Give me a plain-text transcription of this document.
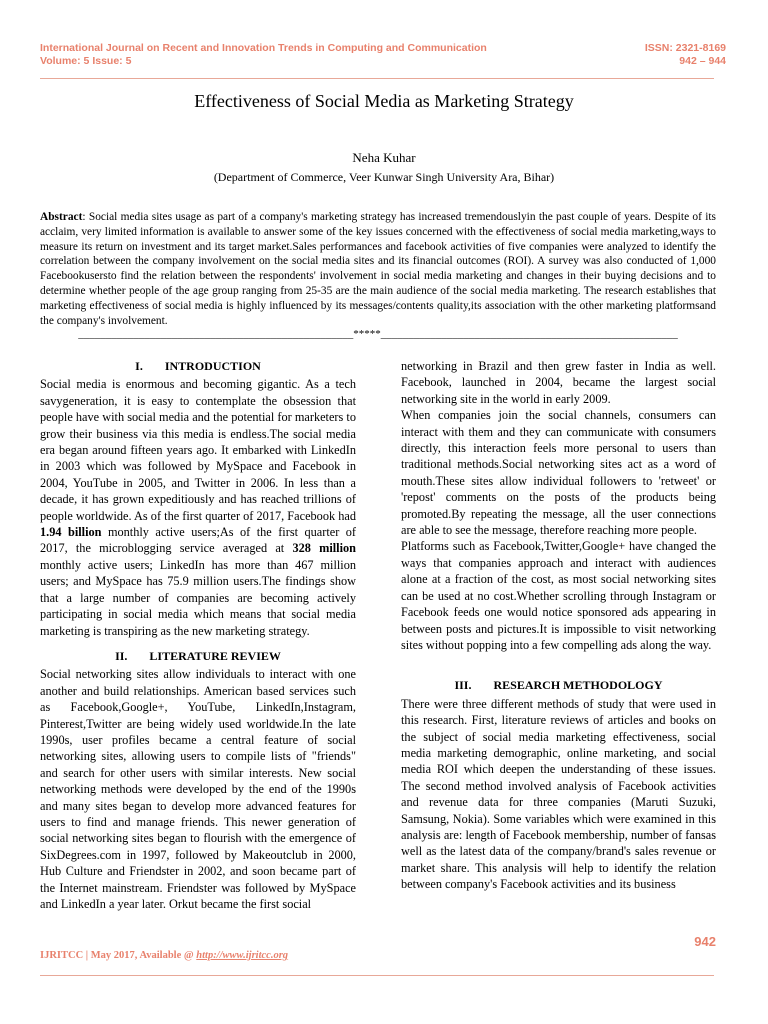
International Journal on Recent and Innovation Trends in Computing and Communication
Volume: 5 Issue: 5
ISSN: 2321-8169
942 – 944
Effectiveness of Social Media as Marketing Strategy
Neha Kuhar
(Department of Commerce, Veer Kunwar Singh University Ara, Bihar)
Abstract: Social media sites usage as part of a company's marketing strategy has increased tremendouslyin the past couple of years. Despite of its acclaim, very limited information is available to answer some of the key issues concerned with the effectiveness of social media marketing,ways to measure its return on investment and its target market.Sales performances and facebook activities of five companies were analyzed to identify the correlation between the company involvement on the social media sites and its financial outcomes (ROI). A survey was also conducted of 1,000 Facebookusersto find the relation between the respondents' involvement in social media marketing and changes in their buying decisions and to determine whether people of the age group ranging from 25-35 are the main audience of the social media marketing. The research establishes that marketing effectiveness of social media is highly influenced by its messages/contents quality,its association with the other marketing platformsand the company's involvement.
__________________________________________________*****______________________________________________________
I. INTRODUCTION

Social media is enormous and becoming gigantic. As a tech savygeneration, it is easy to contemplate the obsession that people have with social media and the potential for marketers to grow their business via this media is endless.The social media era began around fifteen years ago. It embarked with LinkedIn in 2003 which was followed by MySpace and Facebook in 2004, YouTube in 2005, and Twitter in 2006. In less than a decade, it has grown expeditiously and has reached trillions of people worldwide. As of the first quarter of 2017, Facebook had 1.94 billion monthly active users;As of the first quarter of 2017, the microblogging service averaged at 328 million monthly active users; LinkedIn has more than 467 million users; and MySpace has 75.9 million users.The findings show that a large number of companies are becoming actively participating in social media which means that social media marketing is transpiring as the new marketing strategy.

II. LITERATURE REVIEW

Social networking sites allow individuals to interact with one another and build relationships. American based services such as Facebook,Google+, YouTube, LinkedIn,Instagram, Pinterest,Twitter are being widely used worldwide.In the late 1990s, user profiles became a central feature of social networking sites, allowing users to compile lists of "friends" and search for other users with similar interests. New social networking methods were developed by the end of the 1990s and many sites began to develop more advanced features for users to find and manage friends. This newer generation of social networking sites began to flourish with the emergence of SixDegrees.com in 1997, followed by Makeoutclub in 2000, Hub Culture and Friendster in 2002, and soon became part of the Internet mainstream. Friendster was followed by MySpace and LinkedIn a year later. Orkut became the first social

networking in Brazil and then grew faster in India as well. Facebook, launched in 2004, became the largest social networking site in the world in early 2009.

When companies join the social channels, consumers can interact with them and they can communicate with consumers directly, this interaction feels more personal to users than traditional methods.Social networking sites act as a word of mouth.These sites allow individual followers to 'retweet' or 'repost' comments on the posts of the products being promoted.By repeating the message, all the user connections are able to see the message, therefore reaching more people.

Platforms such as Facebook,Twitter,Google+ have changed the ways that companies approach and interact with audiences alone at a fraction of the cost, as most social networking sites can be used at no cost.Whether scrolling through Instagram or Facebook feeds one would notice sponsored ads appearing in between posts and pictures.It is impossible to visit networking sites without popping into a few compelling ads along the way.

III. RESEARCH METHODOLOGY

There were three different methods of study that were used in this research. First, literature reviews of articles and books on the subject of social media marketing effectiveness, social media marketing demographic, online marketing, and social media ROI which deepen the understanding of these issues. The second method involved analysis of Facebook activities and revenue data for three companies (Maruti Suzuki, Samsung, Nokia). Some variables which were examined in this analysis are: length of Facebook membership, number of fansas well as the latest data of the company/brand's sales revenue or market share. This analysis will help to identify the relation between company's Facebook activities and its business

942
IJRITCC | May 2017, Available @ http://www.ijritcc.org
